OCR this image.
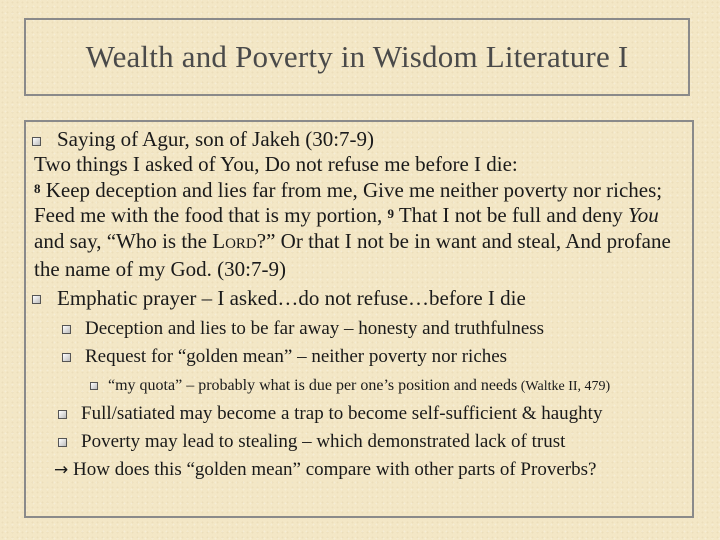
Wealth and Poverty in Wisdom Literature I
Saying of Agur, son of Jakeh (30:7-9)

Two things I asked of You, Do not refuse me before I die:
$^8$ Keep deception and lies far from me, Give me neither poverty nor riches; Feed me with the food that is my portion, $^9$ That I not be full and deny You and say, “Who is the LORD?” Or that I not be in want and steal, And profane the name of my God. (30:7-9)

Emphatic prayer – I asked…do not refuse…before I die
Deception and lies to be far away – honesty and truthfulness
Request for “golden mean” – neither poverty nor riches
“my quota” – probably what is due per one’s position and needs (Waltke II, 479)
Full/satiated may become a trap to become self-sufficient & haughty
Poverty may lead to stealing – which demonstrated lack of trust
→ How does this “golden mean” compare with other parts of Proverbs?
